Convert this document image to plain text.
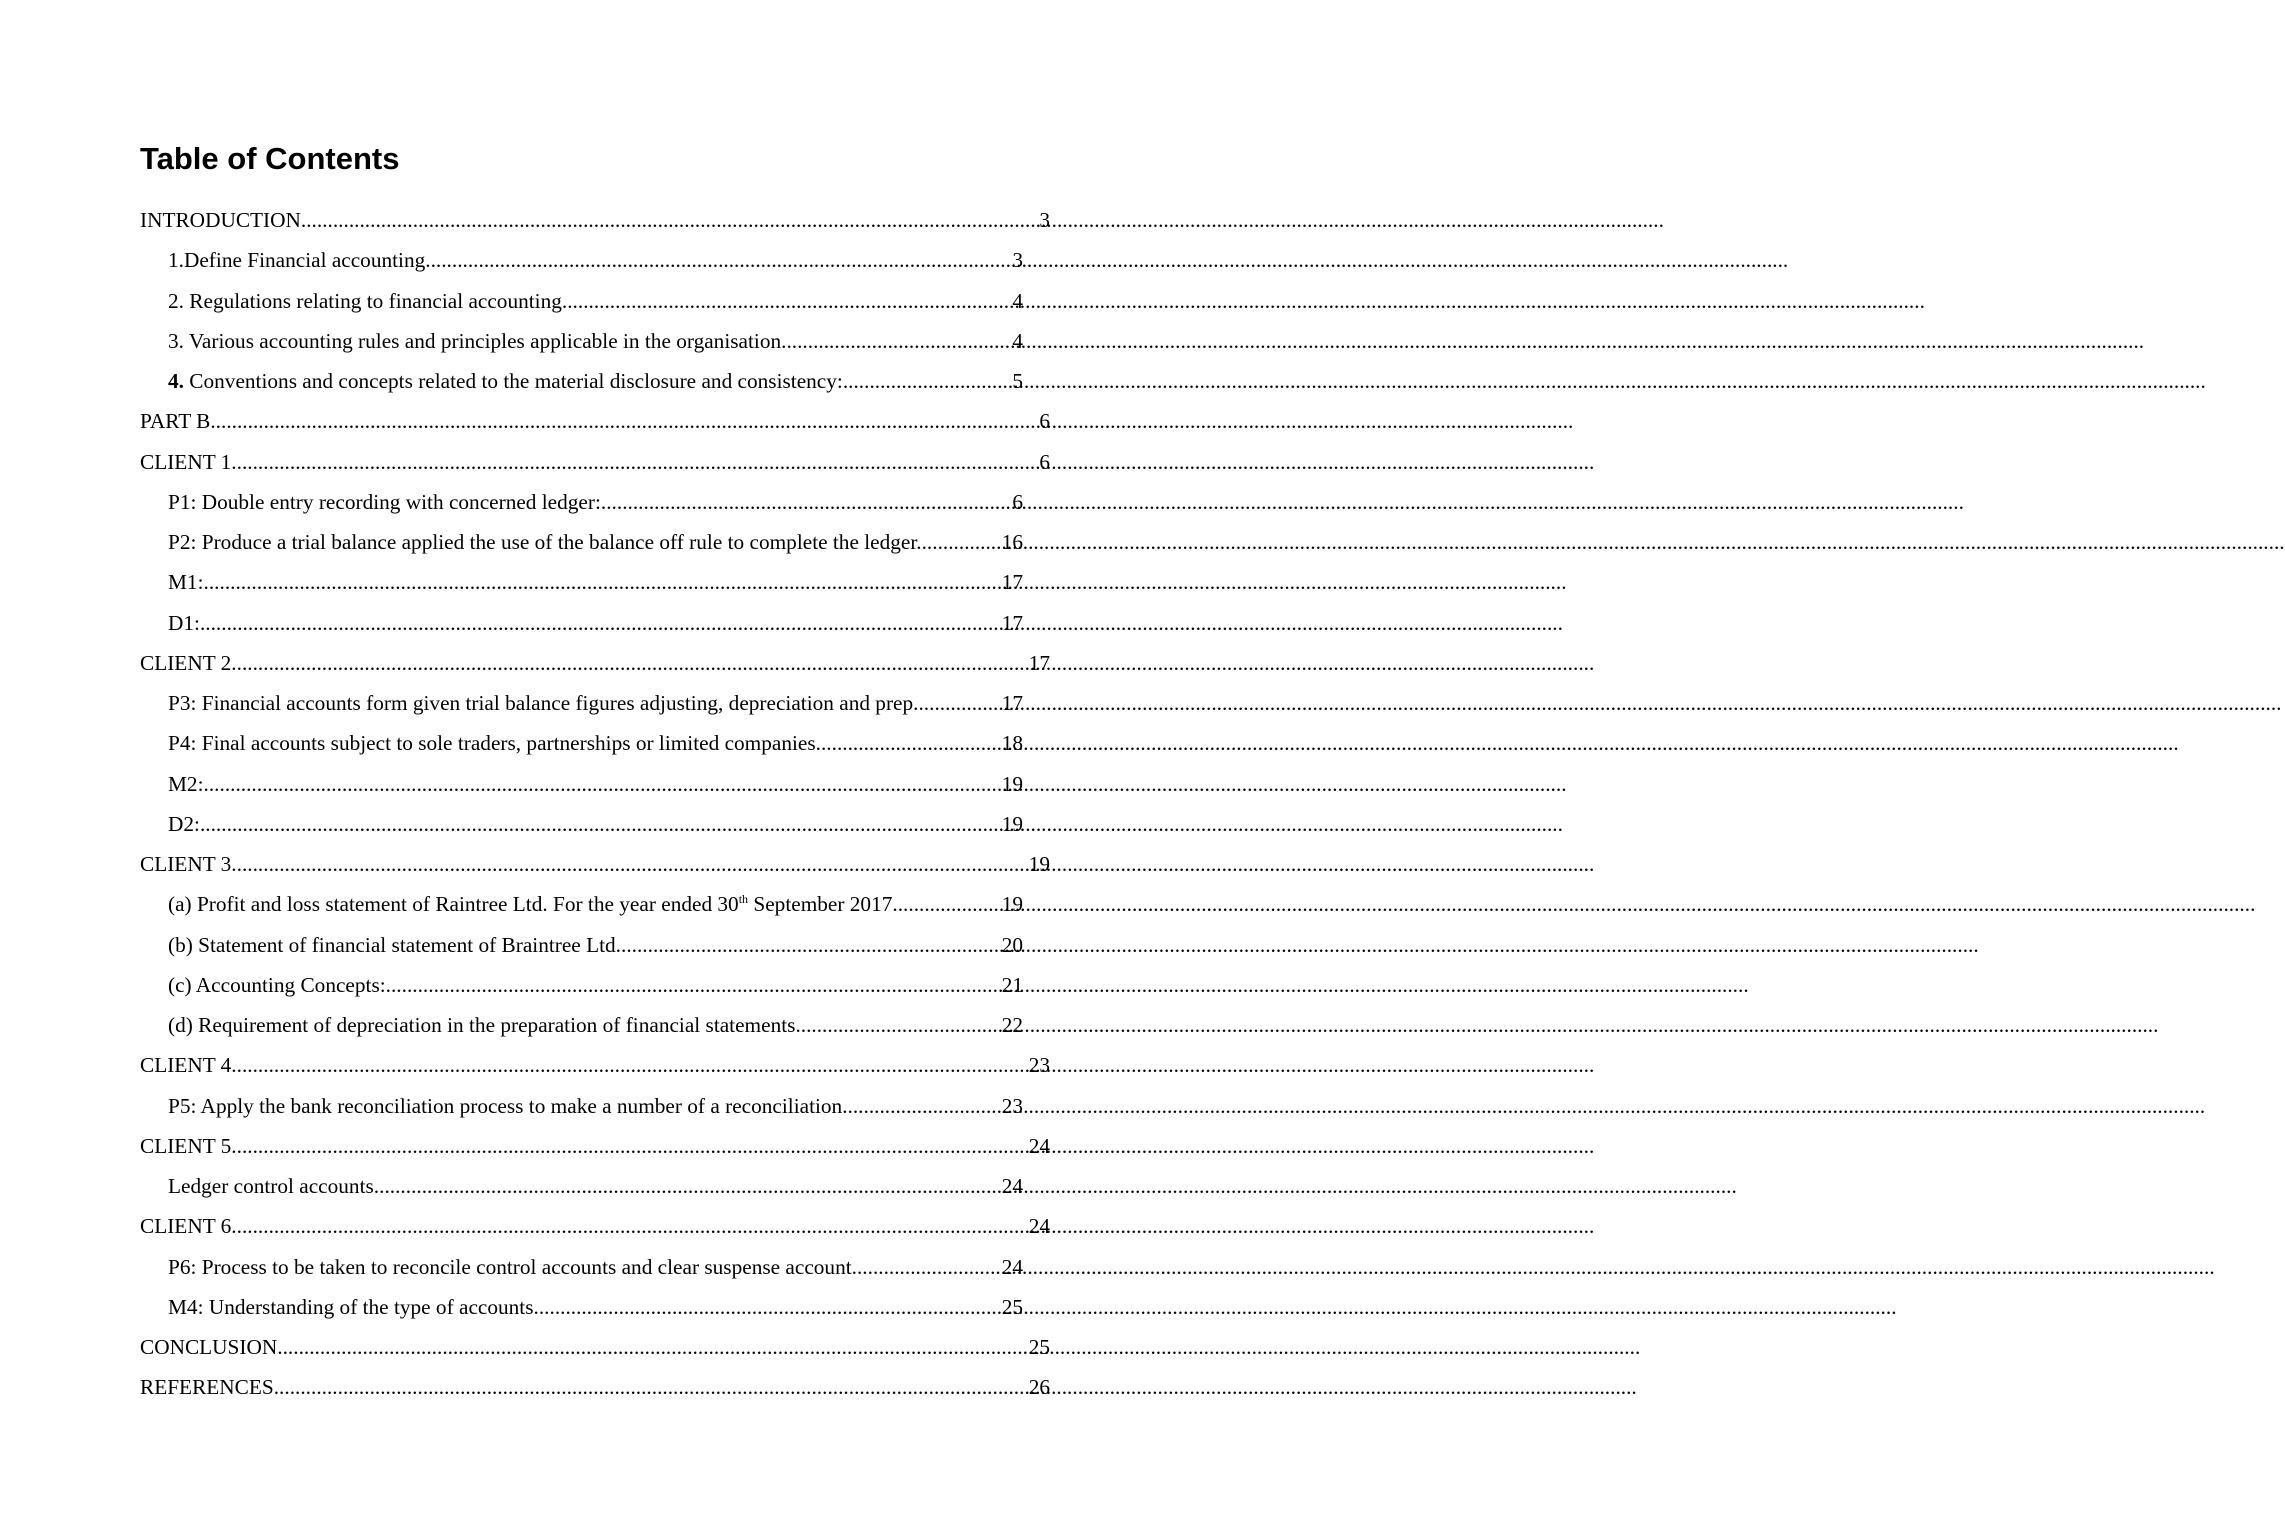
Table of Contents
INTRODUCTION .....	3
1.Define Financial accounting .....	3
2. Regulations relating to financial accounting .....	4
3. Various accounting rules and principles applicable in the organisation .....	4
4. Conventions and concepts related to the material disclosure and consistency: .....	5
PART B .....	6
CLIENT 1 .....	6
P1: Double entry recording with concerned ledger: .....	6
P2: Produce a trial balance applied the use of the balance off rule to complete the ledger. .....	16
M1: .....	17
D1: .....	17
CLIENT 2 .....	17
P3: Financial accounts form given trial balance figures adjusting, depreciation and prep. .....	17
P4: Final accounts subject to sole traders, partnerships or limited companies .....	18
M2: .....	19
D2: .....	19
CLIENT 3 .....	19
(a) Profit and loss statement of Raintree Ltd. For the year ended 30th September 2017 .....	19
(b) Statement of financial statement of Braintree Ltd .....	20
(c) Accounting Concepts: .....	21
(d) Requirement of depreciation in the preparation of financial statements .....	22
CLIENT 4 .....	23
P5: Apply the bank reconciliation process to make a number of a reconciliation .....	23
CLIENT 5 .....	24
Ledger control accounts .....	24
CLIENT 6 .....	24
P6: Process to be taken to reconcile control accounts and clear suspense account .....	24
M4: Understanding of the type of accounts .....	25
CONCLUSION .....	25
REFERENCES .....	26
